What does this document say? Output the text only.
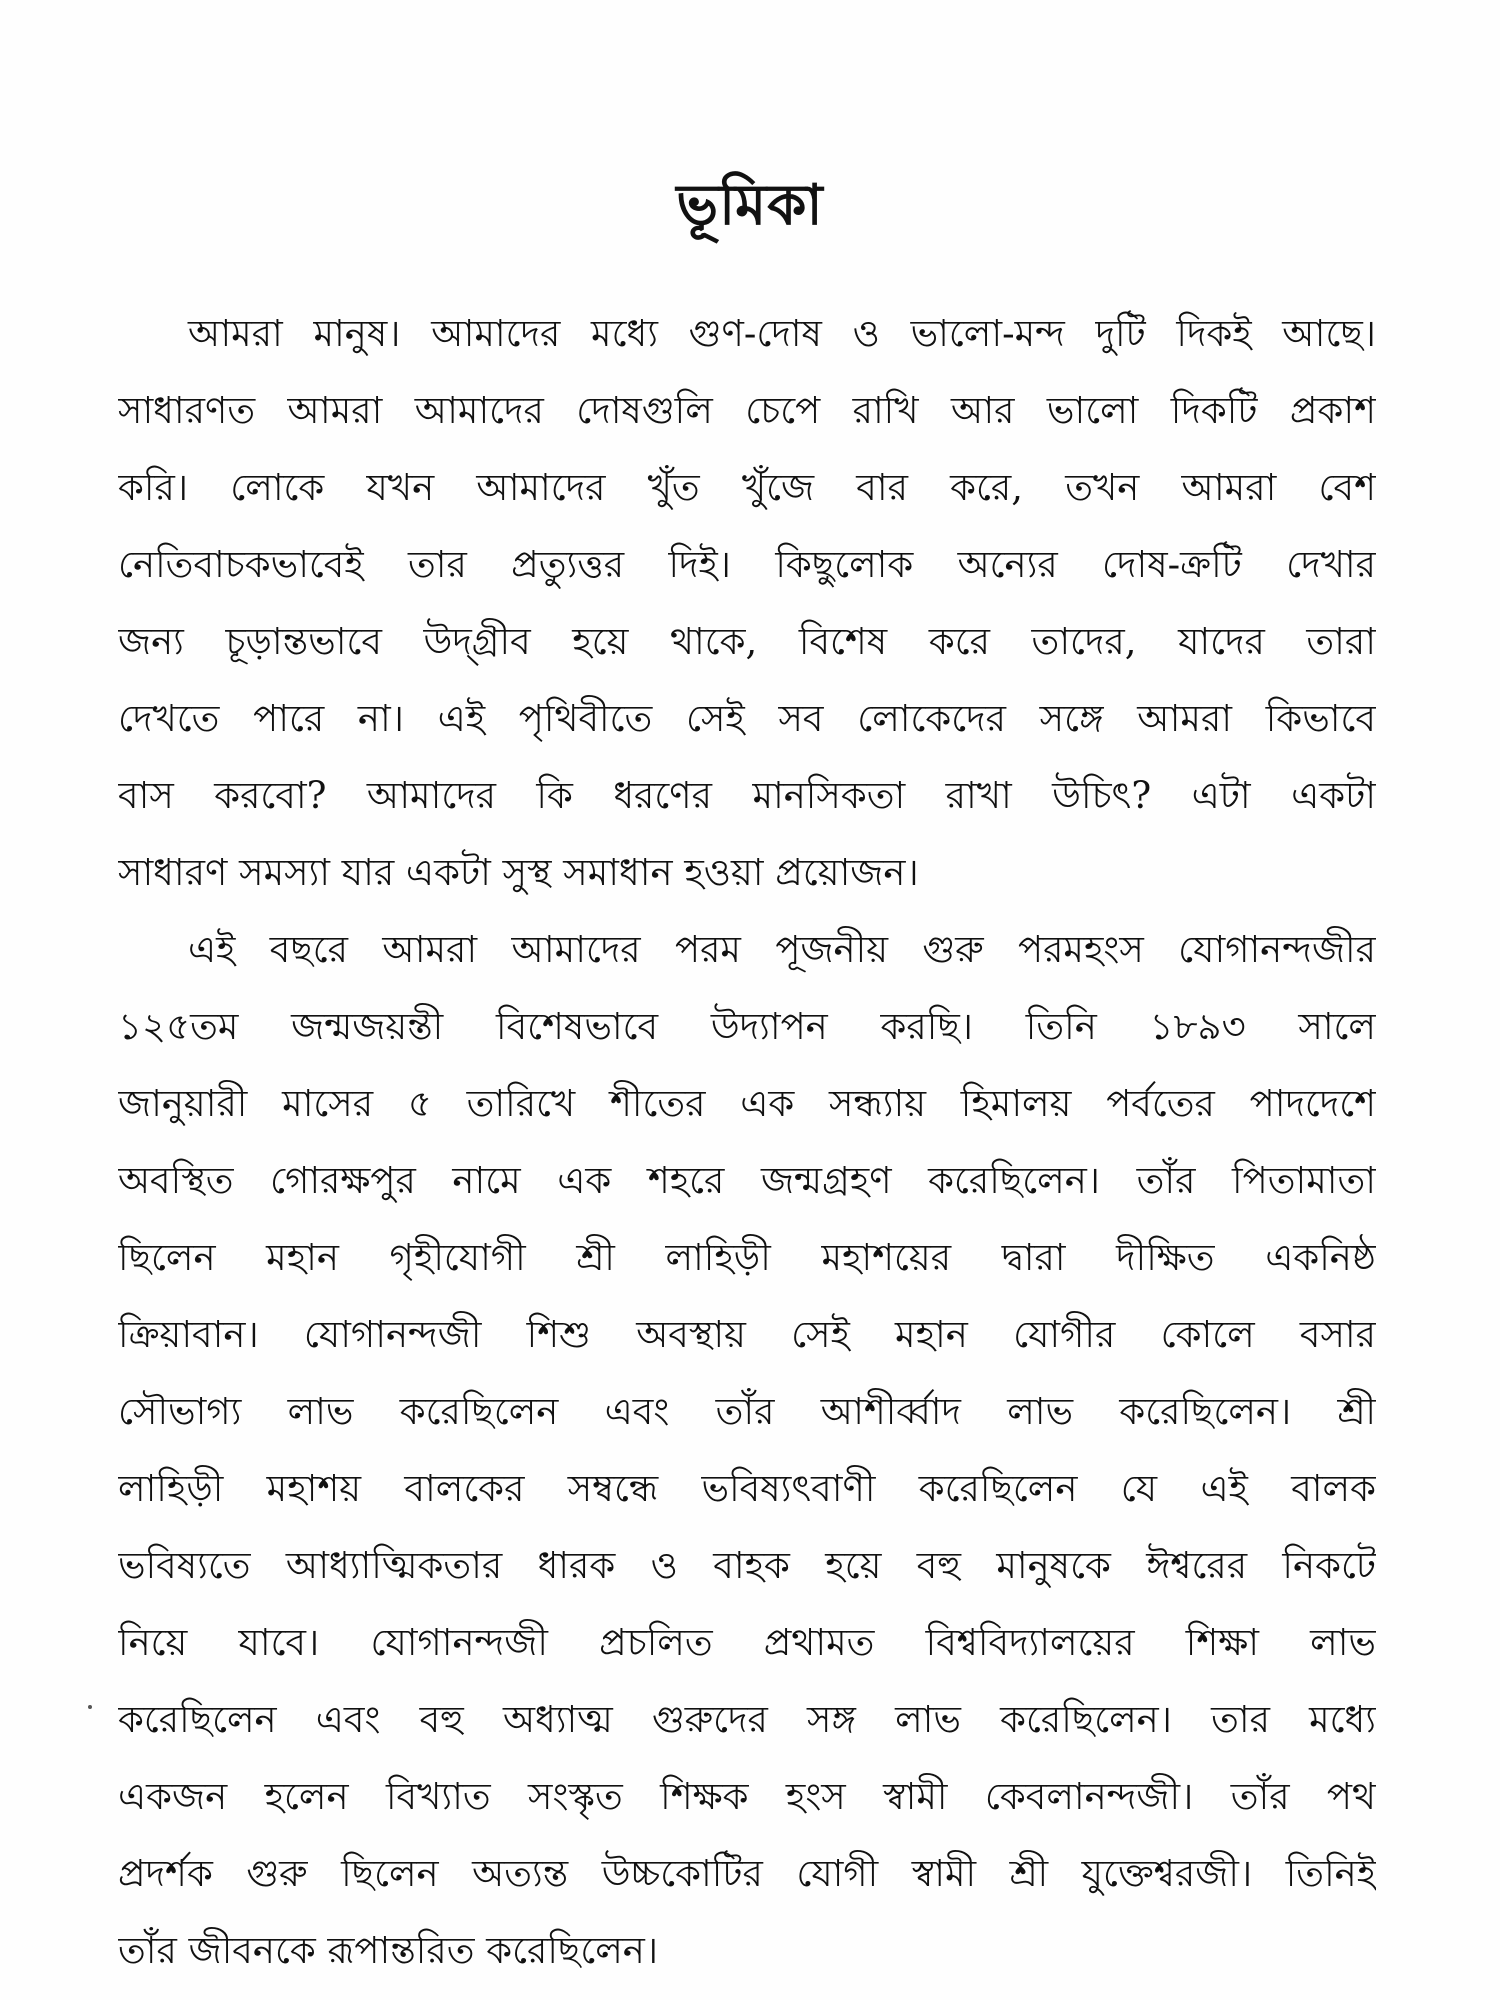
ভূমিকা
আমরা মানুষ। আমাদের মধ্যে গুণ-দোষ ও ভালো-মন্দ দুটি দিকই আছে।
সাধারণত আমরা আমাদের দোষগুলি চেপে রাখি আর ভালো দিকটি প্রকাশ
করি। লোকে যখন আমাদের খুঁত খুঁজে বার করে, তখন আমরা বেশ
নেতিবাচকভাবেই তার প্রত্যুত্তর দিই। কিছুলোক অন্যের দোষ-ক্রটি দেখার
জন্য চূড়ান্তভাবে উদ্গ্রীব হয়ে থাকে, বিশেষ করে তাদের, যাদের তারা
দেখতে পারে না। এই পৃথিবীতে সেই সব লোকেদের সঙ্গে আমরা কিভাবে
বাস করবো? আমাদের কি ধরণের মানসিকতা রাখা উচিৎ? এটা একটা
সাধারণ সমস্যা যার একটা সুস্থ সমাধান হওয়া প্রয়োজন।
এই বছরে আমরা আমাদের পরম পূজনীয় গুরু পরমহংস যোগানন্দজীর
১২৫তম জন্মজয়ন্তী বিশেষভাবে উদ্যাপন করছি। তিনি ১৮৯৩ সালে
জানুয়ারী মাসের ৫ তারিখে শীতের এক সন্ধ্যায় হিমালয় পর্বতের পাদদেশে
অবস্থিত গোরক্ষপুর নামে এক শহরে জন্মগ্রহণ করেছিলেন। তাঁর পিতামাতা
ছিলেন মহান গৃহীযোগী শ্রী লাহিড়ী মহাশয়ের দ্বারা দীক্ষিত একনিষ্ঠ
ক্রিয়াবান। যোগানন্দজী শিশু অবস্থায় সেই মহান যোগীর কোলে বসার
সৌভাগ্য লাভ করেছিলেন এবং তাঁর আশীর্ব্বাদ লাভ করেছিলেন। শ্রী
লাহিড়ী মহাশয় বালকের সম্বন্ধে ভবিষ্যৎবাণী করেছিলেন যে এই বালক
ভবিষ্যতে আধ্যাত্মিকতার ধারক ও বাহক হয়ে বহু মানুষকে ঈশ্বরের নিকটে
নিয়ে যাবে। যোগানন্দজী প্রচলিত প্রথামত বিশ্ববিদ্যালয়ের শিক্ষা লাভ
করেছিলেন এবং বহু অধ্যাত্ম গুরুদের সঙ্গ লাভ করেছিলেন। তার মধ্যে
একজন হলেন বিখ্যাত সংস্কৃত শিক্ষক হংস স্বামী কেবলানন্দজী। তাঁর পথ
প্রদর্শক গুরু ছিলেন অত্যন্ত উচ্চকোটির যোগী স্বামী শ্রী যুক্তেশ্বরজী। তিনিই
তাঁর জীবনকে রূপান্তরিত করেছিলেন।
